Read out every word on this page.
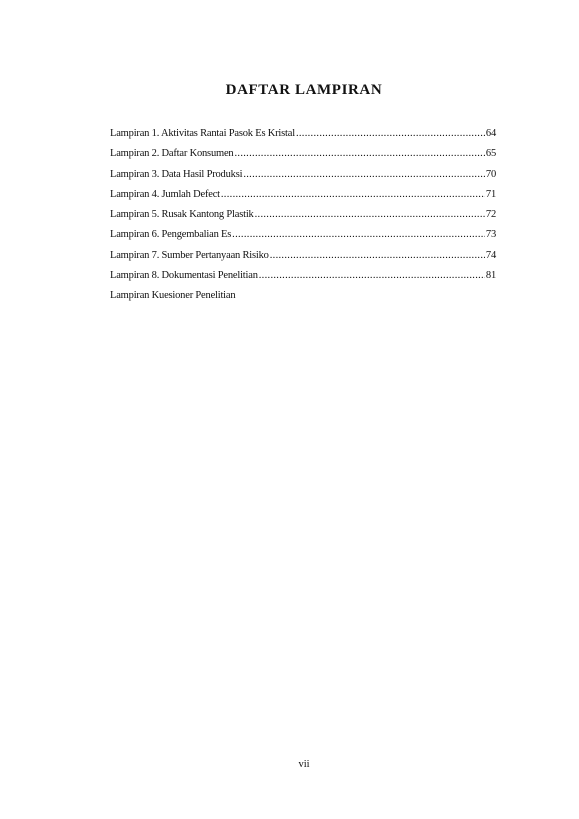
DAFTAR LAMPIRAN
Lampiran 1. Aktivitas Rantai Pasok Es Kristal .....	64
Lampiran 2. Daftar Konsumen .....	65
Lampiran 3. Data Hasil Produksi .....	70
Lampiran 4. Jumlah Defect .....	71
Lampiran 5. Rusak Kantong Plastik .....	72
Lampiran 6. Pengembalian Es .....	73
Lampiran 7. Sumber Pertanyaan Risiko .....	74
Lampiran 8. Dokumentasi Penelitian .....	81
Lampiran Kuesioner Penelitian
vii
